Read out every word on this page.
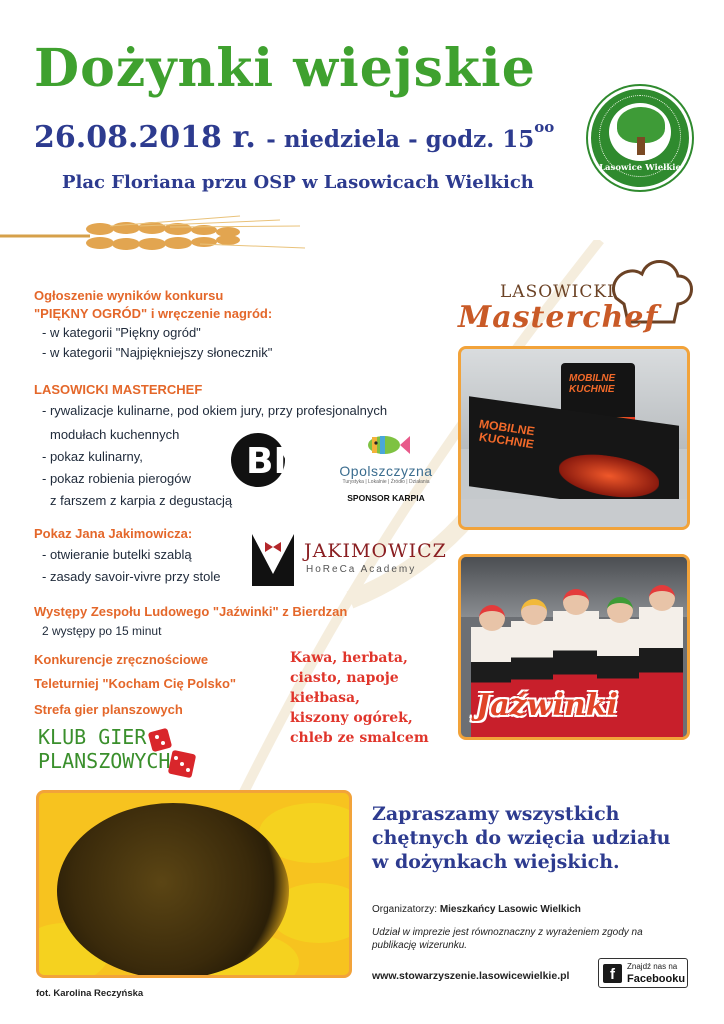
Dożynki wiejskie
26.08.2018 r. - niedziela - godz. $15^{oo}$
Plac Floriana przu OSP w Lasowicach Wielkich
Lasowice Wielkie
Ogłoszenie wyników konkursu
"PIĘKNY OGRÓD" i wręczenie nagród:
- w kategorii "Piękny ogród"
- w kategorii "Najpiękniejszy słonecznik"
LASOWICKI MASTERCHEF
- rywalizacje kulinarne, pod okiem jury, przy profesjonalnych
modułach kuchennych
- pokaz kulinarny,
- pokaz robienia pierogów
z farszem z karpia z degustacją
BN	Opolszczyzna
Turystyka | Lokalnie | Źródło | Działania
SPONSOR KARPIA
Pokaz Jana Jakimowicza:
- otwieranie butelki szablą
- zasady savoir-vivre przy stole
JAKIMOWICZ
HoReCa Academy
Występy Zespołu Ludowego "Jaźwinki" z Bierdzan
2 występy po 15 minut
Konkurencje zręcznościowe
Teleturniej "Kocham Cię Polsko"
Strefa gier planszowych
KLUB GIER
PLANSZOWYCH
Kawa, herbata,
ciasto, napoje
kiełbasa,
kiszony ogórek,
chleb ze smalcem
LASOWICKI
Masterchef
MOBILNE KUCHNIE
MOBILNE KUCHNIE
Jaźwinki
Zapraszamy wszystkich
chętnych do wzięcia udziału
w dożynkach wiejskich.
Organizatorzy: Mieszkańcy Lasowic Wielkich
Udział w imprezie jest równoznaczny z wyrażeniem zgody na publikację wizerunku.
www.stowarzyszenie.lasowicewielkie.pl	f	Znajdź nas na
Facebooku
fot. Karolina Reczyńska
